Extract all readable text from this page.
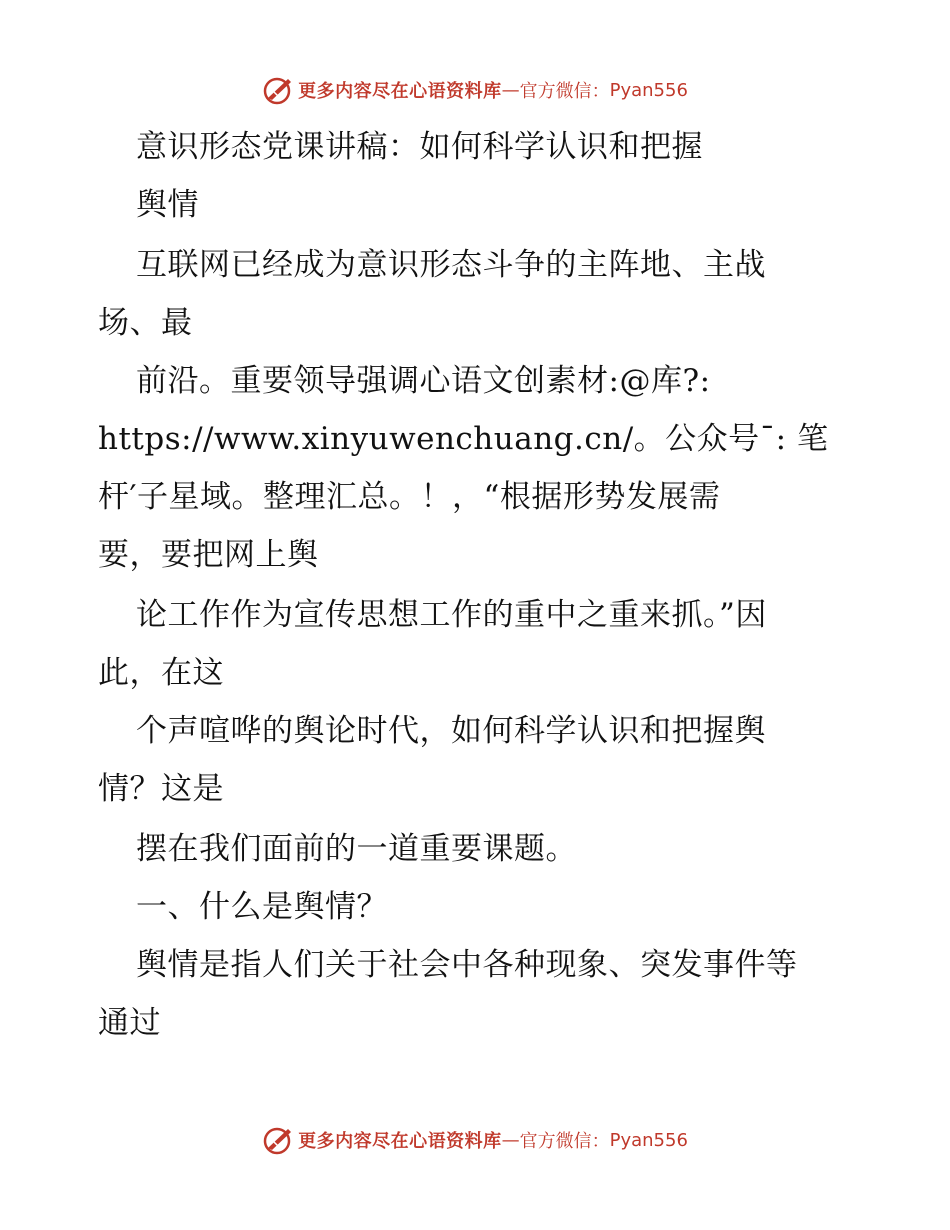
更多内容尽在心语资料库 — 官方微信： Pyan556
意识形态党课讲稿：如何科学认识和把握
舆情
互联网已经成为意识形态斗争的主阵地、主战
场、最
前沿。重要领导强调心语文创素材:@库?:
https://www.xinyuwenchuang.cn/。公众号¯: 笔
杆′子星域。整理汇总。！，“根据形势发展需
要，要把网上舆
论工作作为宣传思想工作的重中之重来抓。”因
此，在这
个声喧哗的舆论时代，如何科学认识和把握舆
情？这是
摆在我们面前的一道重要课题。
一、什么是舆情？
舆情是指人们关于社会中各种现象、突发事件等
通过
更多内容尽在心语资料库 — 官方微信： Pyan556
